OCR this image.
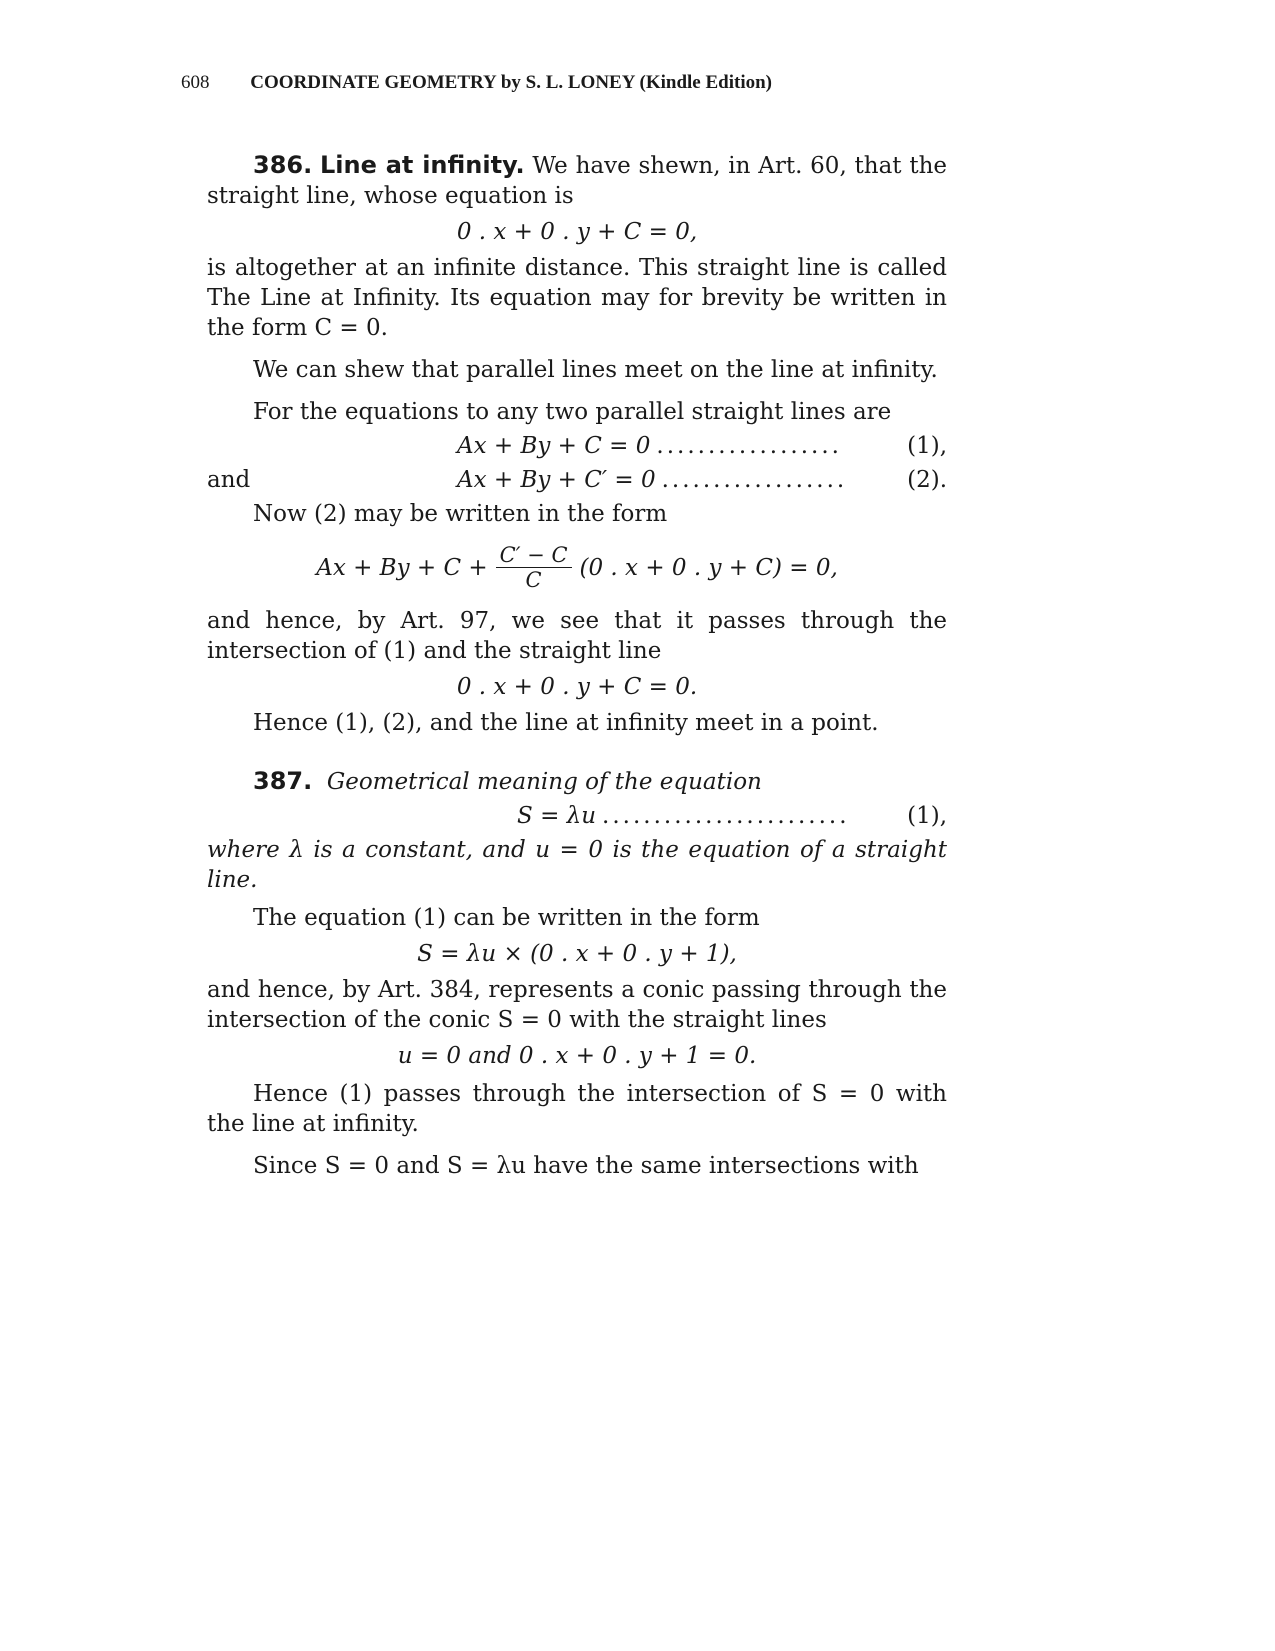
608 COORDINATE GEOMETRY by S. L. LONEY (Kindle Edition)

386. Line at infinity. We have shewn, in Art. 60, that the straight line, whose equation is

0 . x + 0 . y + C = 0,

is altogether at an infinite distance. This straight line is called The Line at Infinity. Its equation may for brevity be written in the form C = 0.

We can shew that parallel lines meet on the line at infinity.

For the equations to any two parallel straight lines are

Ax + By + C = 0 ..................	(1),
and	Ax + By + C′ = 0 ..................	(2).

Now (2) may be written in the form

$Ax + By + C + \frac{C' - C}{C} (0$ . x + 0 . y + C) = 0,

and hence, by Art. 97, we see that it passes through the intersection of (1) and the straight line

0 . x + 0 . y + C = 0.

Hence (1), (2), and the line at infinity meet in a point.

387. Geometrical meaning of the equation

S = λu ........................	(1),

where λ is a constant, and u = 0 is the equation of a straight line.

The equation (1) can be written in the form

S = λu × (0 . x + 0 . y + 1),

and hence, by Art. 384, represents a conic passing through the intersection of the conic S = 0 with the straight lines

u = 0 and 0 . x + 0 . y + 1 = 0.

Hence (1) passes through the intersection of S = 0 with the line at infinity.

Since S = 0 and S = λu have the same intersections with
